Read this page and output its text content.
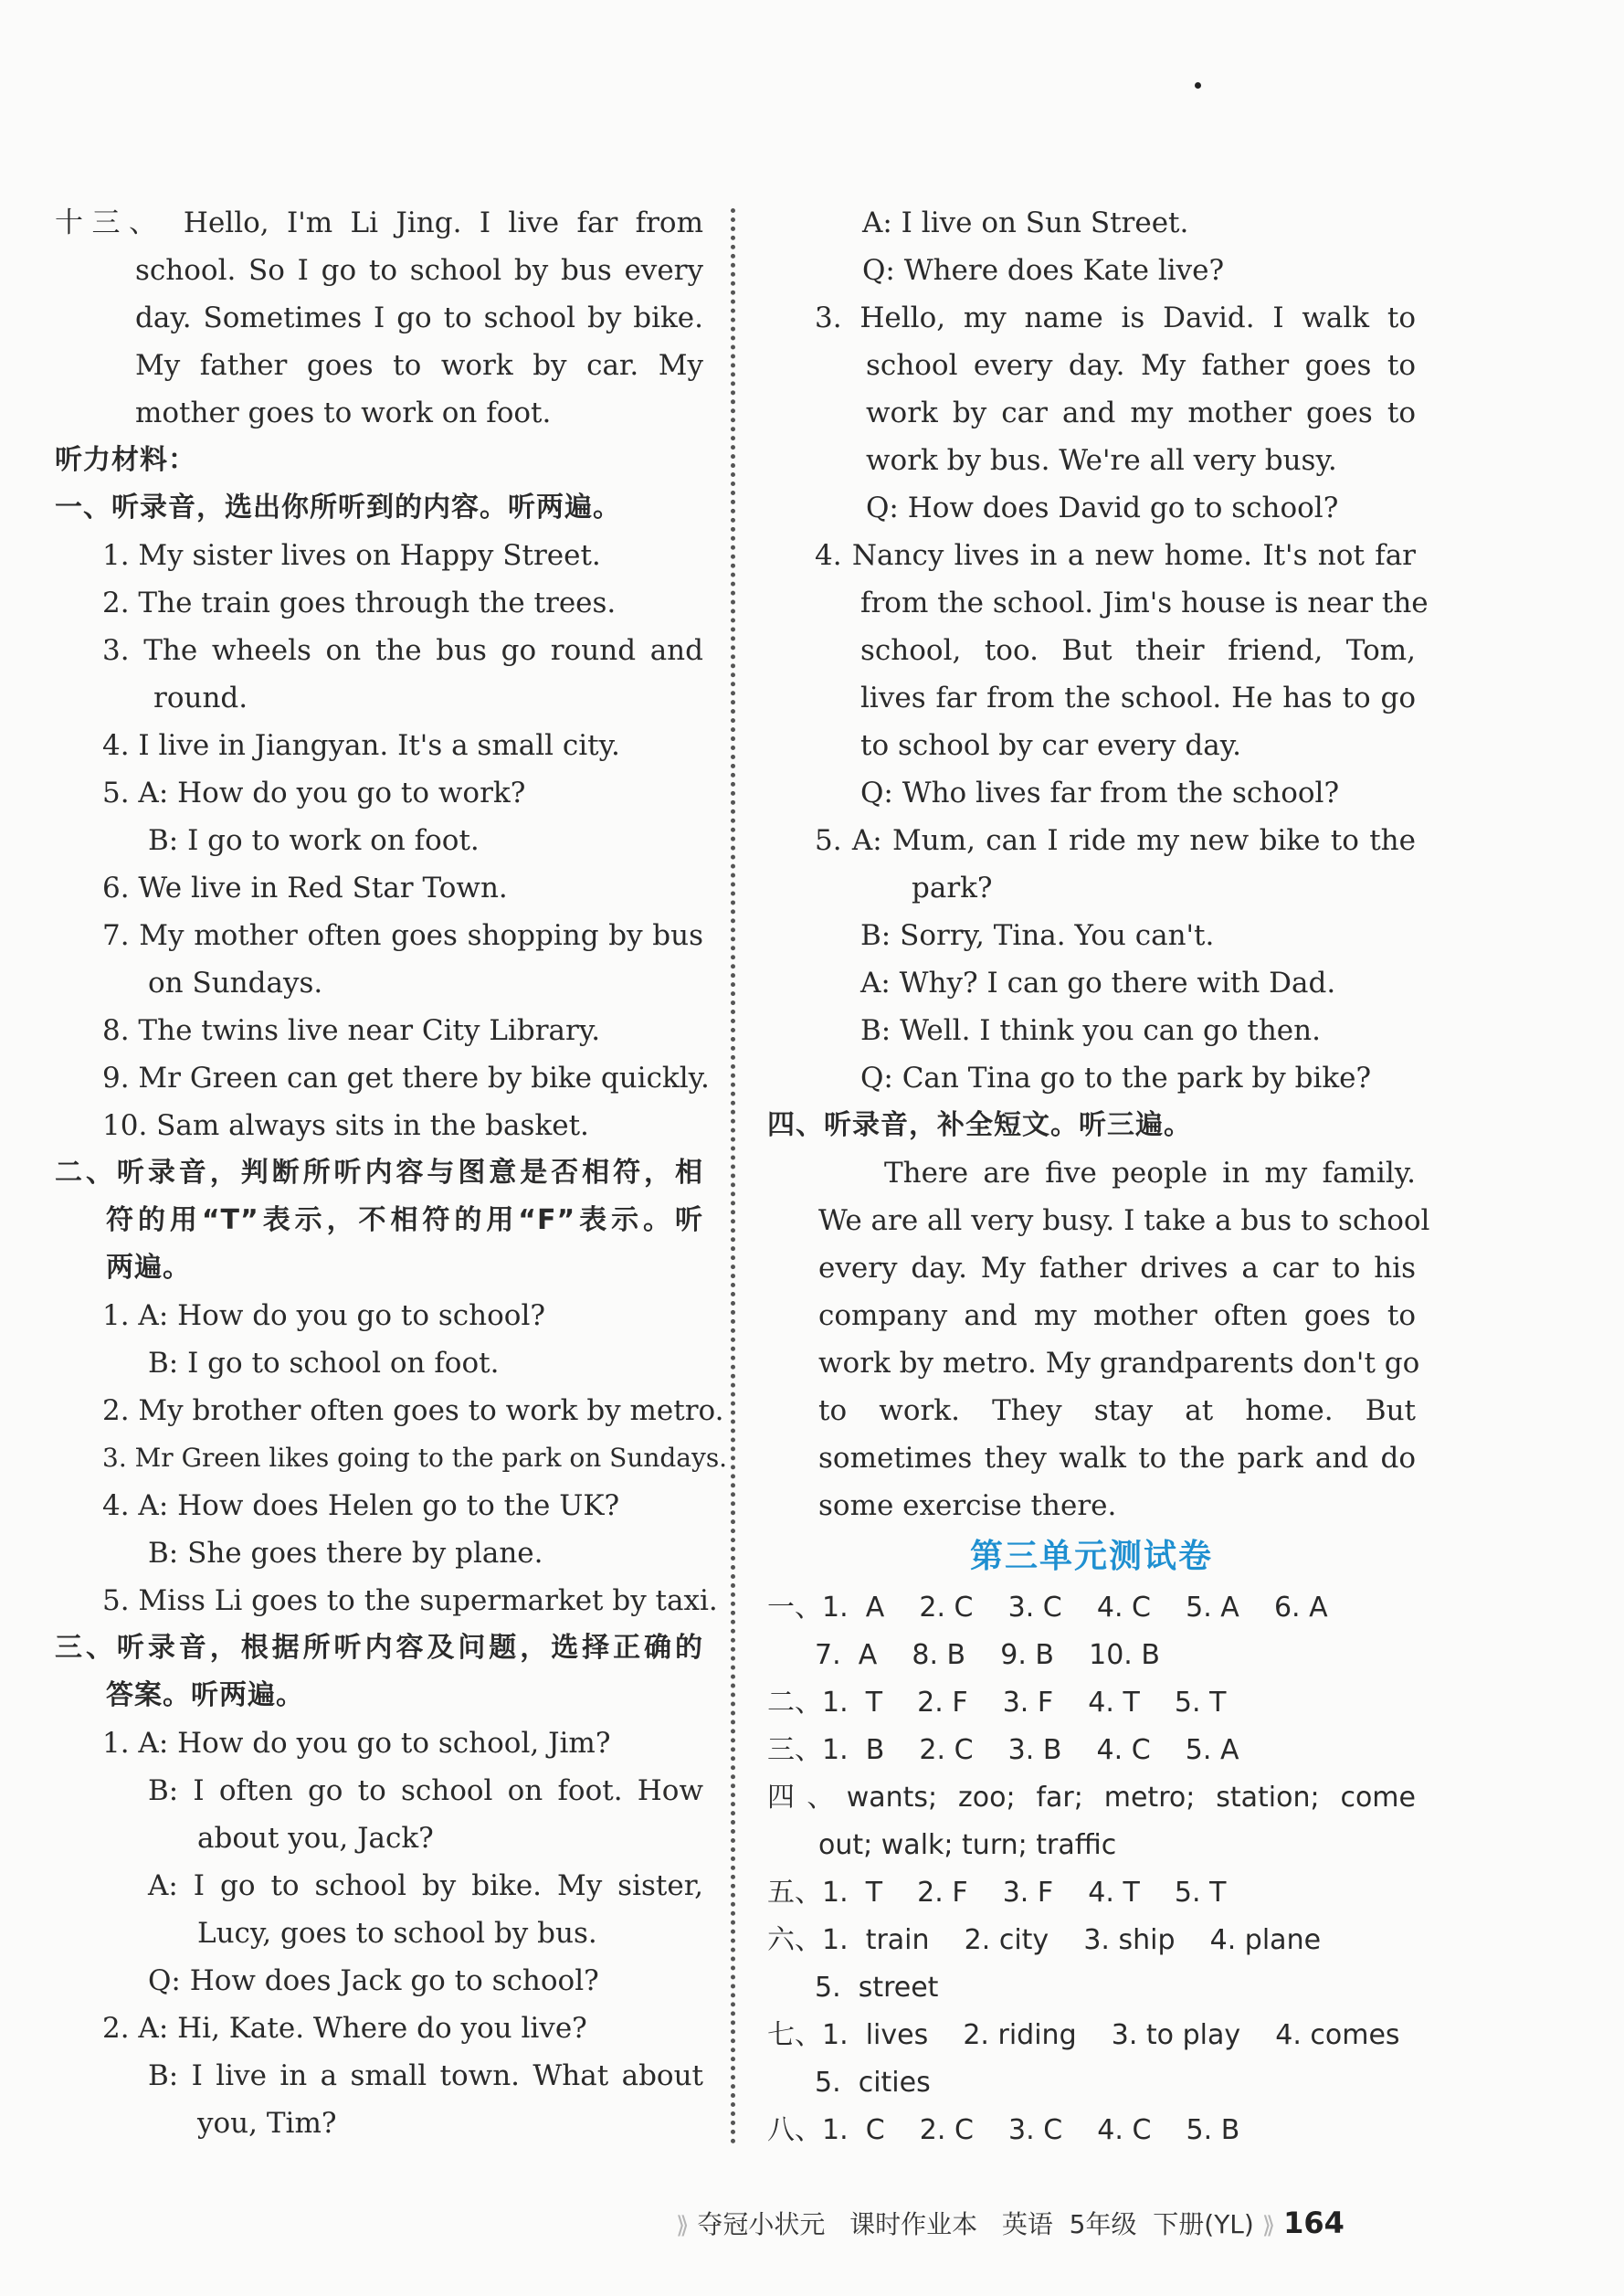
十三、 Hello, I'm Li Jing. I live far from
school. So I go to school by bus every
day. Sometimes I go to school by bike.
My father goes to work by car. My
mother goes to work on foot.
听力材料：
一、听录音，选出你所听到的内容。听两遍。
1. My sister lives on Happy Street.
2. The train goes through the trees.
3. The wheels on the bus go round and
round.
4. I live in Jiangyan. It's a small city.
5. A: How do you go to work?
B: I go to work on foot.
6. We live in Red Star Town.
7. My mother often goes shopping by bus
on Sundays.
8. The twins live near City Library.
9. Mr Green can get there by bike quickly.
10. Sam always sits in the basket.
二、听录音，判断所听内容与图意是否相符，相
符的用“T”表示，不相符的用“F”表示。听
两遍。
1. A: How do you go to school?
B: I go to school on foot.
2. My brother often goes to work by metro.
3. Mr Green likes going to the park on Sundays.
4. A: How does Helen go to the UK?
B: She goes there by plane.
5. Miss Li goes to the supermarket by taxi.
三、听录音，根据所听内容及问题，选择正确的
答案。听两遍。
1. A: How do you go to school, Jim?
B: I often go to school on foot. How
about you, Jack?
A: I go to school by bike. My sister,
Lucy, goes to school by bus.
Q: How does Jack go to school?
2. A: Hi, Kate. Where do you live?
B: I live in a small town. What about
you, Tim?
A: I live on Sun Street.
Q: Where does Kate live?
3. Hello, my name is David. I walk to
school every day. My father goes to
work by car and my mother goes to
work by bus. We're all very busy.
Q: How does David go to school?
4. Nancy lives in a new home. It's not far
from the school. Jim's house is near the
school, too. But their friend, Tom,
lives far from the school. He has to go
to school by car every day.
Q: Who lives far from the school?
5. A: Mum, can I ride my new bike to the
park?
B: Sorry, Tina. You can't.
A: Why? I can go there with Dad.
B: Well. I think you can go then.
Q: Can Tina go to the park by bike?
四、听录音，补全短文。听三遍。
There are five people in my family.
We are all very busy. I take a bus to school
every day. My father drives a car to his
company and my mother often goes to
work by metro. My grandparents don't go
to work. They stay at home. But
sometimes they walk to the park and do
some exercise there.
第三单元测试卷
一、1.  A    2. C    3. C    4. C    5. A    6. A
7.  A    8. B    9. B    10. B
二、1.  T    2. F    3. F    4. T    5. T
三、1.  B    2. C    3. B    4. C    5. A
四、wants; zoo; far; metro; station; come
out; walk; turn; traffic
五、1.  T    2. F    3. F    4. T    5. T
六、1.  train    2. city    3. ship    4. plane
5.  street
七、1.  lives    2. riding    3. to play    4. comes
5.  cities
八、1.  C    2. C    3. C    4. C    5. B
⟫ 夺冠小状元 课时作业本 英语 5年级 下册(YL) ⟫ 164
